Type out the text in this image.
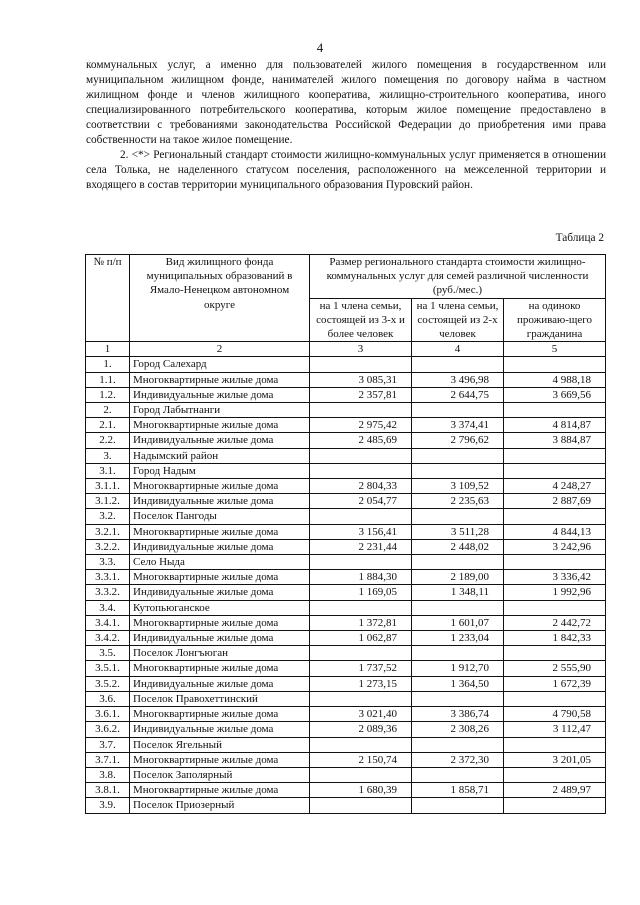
4

коммунальных услуг, а именно для пользователей жилого помещения в государственном или муниципальном жилищном фонде, нанимателей жилого помещения по договору найма в частном жилищном фонде и членов жилищного кооператива, жилищно-строительного кооператива, иного специализированного потребительского кооператива, которым жилое помещение предоставлено в соответствии с требованиями законодательства Российской Федерации до приобретения ими права собственности на такое жилое помещение.

2. <*> Региональный стандарт стоимости жилищно-коммунальных услуг применяется в отношении села Толька, не наделенного статусом поселения, расположенного на межселенной территории и входящего в состав территории муниципального образования Пуровский район.

Таблица 2
№ п/п	Вид жилищного фонда муниципальных образований в Ямало-Ненецком автономном округе	Размер регионального стандарта стоимости жилищно-коммунальных услуг для семей различной численности (руб./мес.)		
		на 1 члена семьи, состоящей из 3-х и более человек	на 1 члена семьи, состоящей из 2-х человек	на одиноко проживаю-щего гражданина
1	2	3	4	5
1.	Город Салехард			
1.1.	Многоквартирные жилые дома	3 085,31	3 496,98	4 988,18
1.2.	Индивидуальные жилые дома	2 357,81	2 644,75	3 669,56
2.	Город Лабытнанги			
2.1.	Многоквартирные жилые дома	2 975,42	3 374,41	4 814,87
2.2.	Индивидуальные жилые дома	2 485,69	2 796,62	3 884,87
3.	Надымский район			
3.1.	Город Надым			
3.1.1.	Многоквартирные жилые дома	2 804,33	3 109,52	4 248,27
3.1.2.	Индивидуальные жилые дома	2 054,77	2 235,63	2 887,69
3.2.	Поселок Пангоды			
3.2.1.	Многоквартирные жилые дома	3 156,41	3 511,28	4 844,13
3.2.2.	Индивидуальные жилые дома	2 231,44	2 448,02	3 242,96
3.3.	Село Ныда			
3.3.1.	Многоквартирные жилые дома	1 884,30	2 189,00	3 336,42
3.3.2.	Индивидуальные жилые дома	1 169,05	1 348,11	1 992,96
3.4.	Кутопьюганское			
3.4.1.	Многоквартирные жилые дома	1 372,81	1 601,07	2 442,72
3.4.2.	Индивидуальные жилые дома	1 062,87	1 233,04	1 842,33
3.5.	Поселок Лонгъюган			
3.5.1.	Многоквартирные жилые дома	1 737,52	1 912,70	2 555,90
3.5.2.	Индивидуальные жилые дома	1 273,15	1 364,50	1 672,39
3.6.	Поселок Правохеттинский			
3.6.1.	Многоквартирные жилые дома	3 021,40	3 386,74	4 790,58
3.6.2.	Индивидуальные жилые дома	2 089,36	2 308,26	3 112,47
3.7.	Поселок Ягельный			
3.7.1.	Многоквартирные жилые дома	2 150,74	2 372,30	3 201,05
3.8.	Поселок Заполярный			
3.8.1.	Многоквартирные жилые дома	1 680,39	1 858,71	2 489,97
3.9.	Поселок Приозерный			
